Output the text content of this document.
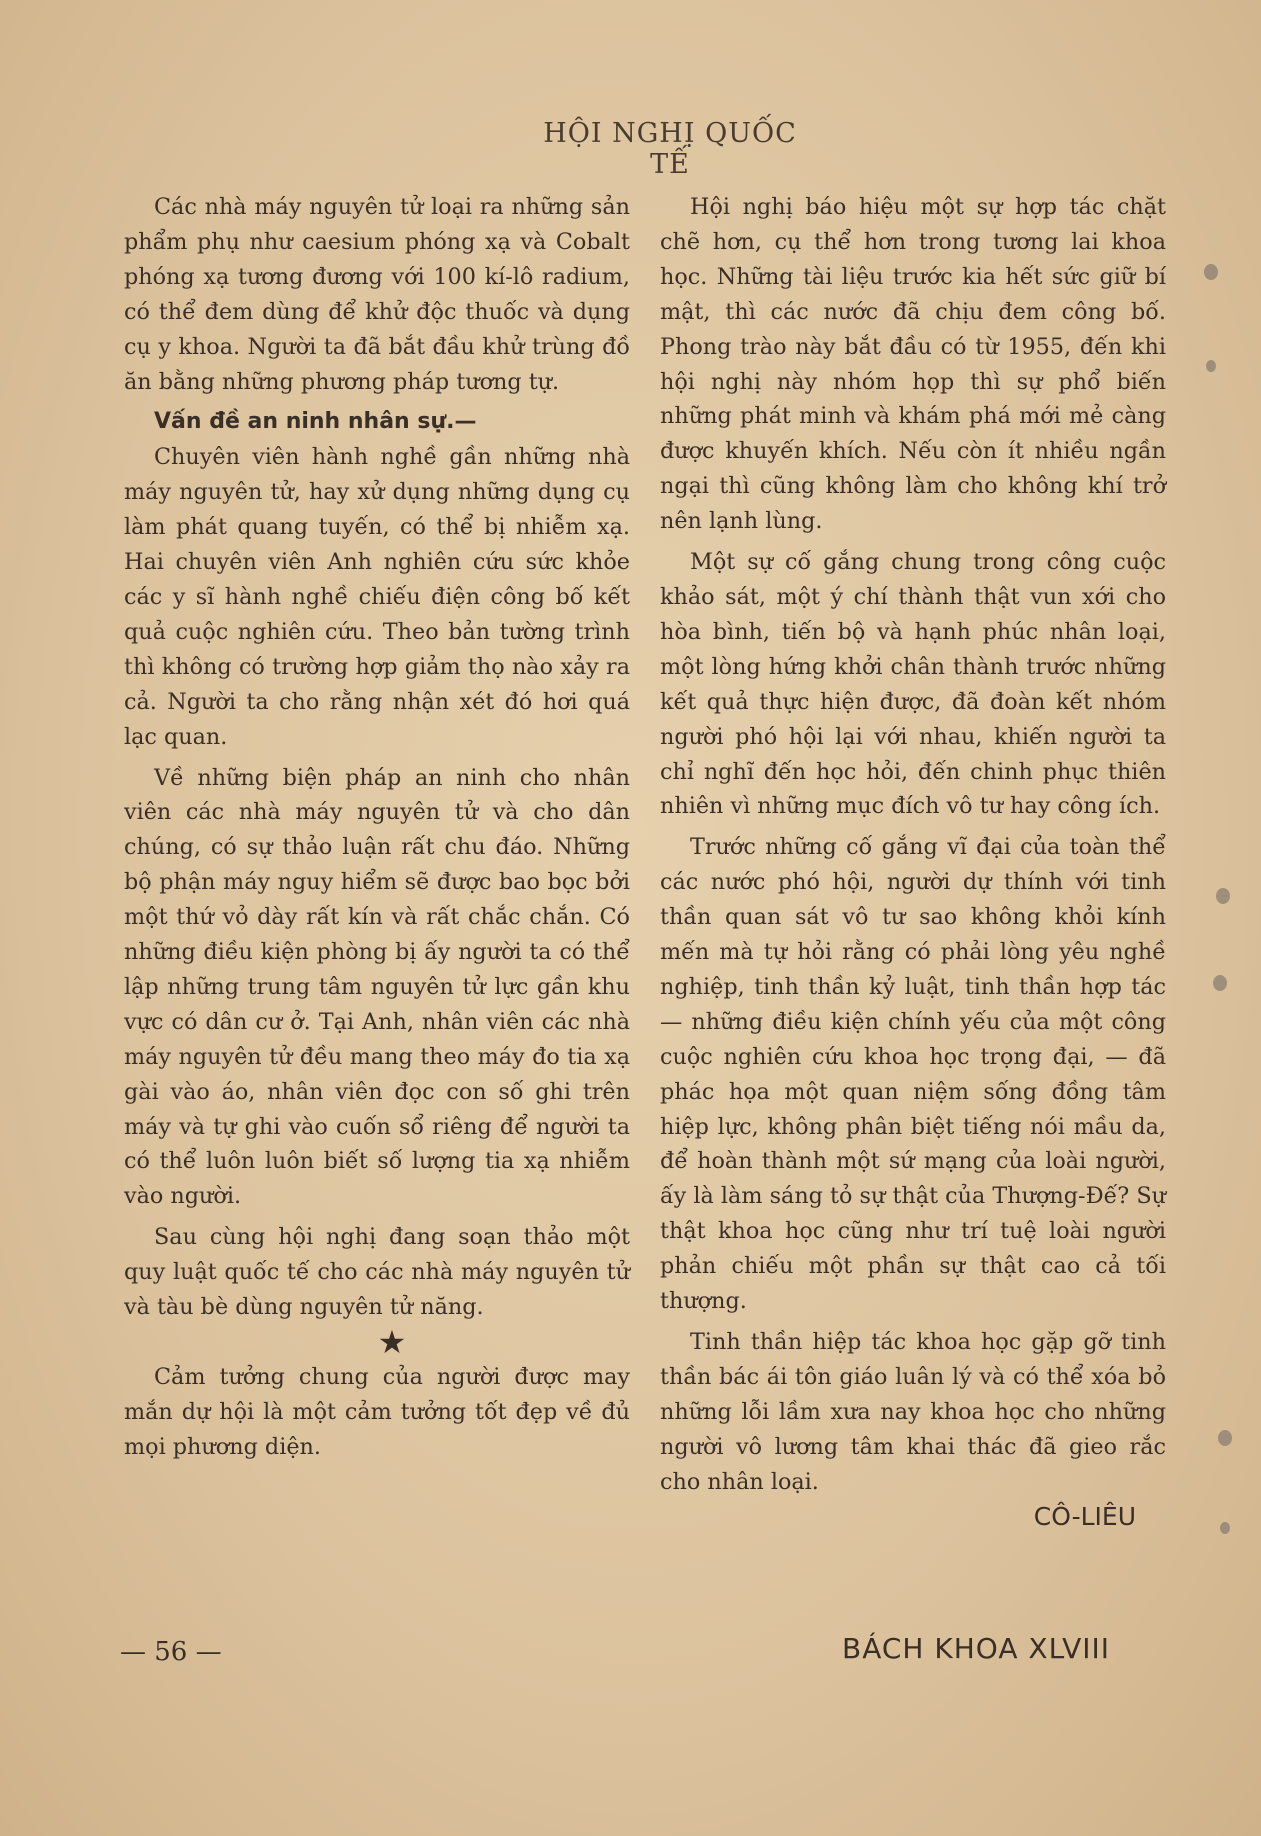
HỘI NGHỊ QUỐC TẾ

Các nhà máy nguyên tử loại ra những sản phẩm phụ như caesium phóng xạ và Cobalt phóng xạ tương đương với 100 kí-lô radium, có thể đem dùng để khử độc thuốc và dụng cụ y khoa. Người ta đã bắt đầu khử trùng đồ ăn bằng những phương pháp tương tự.

Vấn đề an ninh nhân sự.—

Chuyên viên hành nghề gần những nhà máy nguyên tử, hay xử dụng những dụng cụ làm phát quang tuyến, có thể bị nhiễm xạ. Hai chuyên viên Anh nghiên cứu sức khỏe các y sĩ hành nghề chiếu điện công bố kết quả cuộc nghiên cứu. Theo bản tường trình thì không có trường hợp giảm thọ nào xảy ra cả. Người ta cho rằng nhận xét đó hơi quá lạc quan.

Về những biện pháp an ninh cho nhân viên các nhà máy nguyên tử và cho dân chúng, có sự thảo luận rất chu đáo. Những bộ phận máy nguy hiểm sẽ được bao bọc bởi một thứ vỏ dày rất kín và rất chắc chắn. Có những điều kiện phòng bị ấy người ta có thể lập những trung tâm nguyên tử lực gần khu vực có dân cư ở. Tại Anh, nhân viên các nhà máy nguyên tử đều mang theo máy đo tia xạ gài vào áo, nhân viên đọc con số ghi trên máy và tự ghi vào cuốn sổ riêng để người ta có thể luôn luôn biết số lượng tia xạ nhiễm vào người.

Sau cùng hội nghị đang soạn thảo một quy luật quốc tế cho các nhà máy nguyên tử và tàu bè dùng nguyên tử năng.

★

Cảm tưởng chung của người được may mắn dự hội là một cảm tưởng tốt đẹp về đủ mọi phương diện.

Hội nghị báo hiệu một sự hợp tác chặt chẽ hơn, cụ thể hơn trong tương lai khoa học. Những tài liệu trước kia hết sức giữ bí mật, thì các nước đã chịu đem công bố. Phong trào này bắt đầu có từ 1955, đến khi hội nghị này nhóm họp thì sự phổ biến những phát minh và khám phá mới mẻ càng được khuyến khích. Nếu còn ít nhiều ngần ngại thì cũng không làm cho không khí trở nên lạnh lùng.

Một sự cố gắng chung trong công cuộc khảo sát, một ý chí thành thật vun xới cho hòa bình, tiến bộ và hạnh phúc nhân loại, một lòng hứng khởi chân thành trước những kết quả thực hiện được, đã đoàn kết nhóm người phó hội lại với nhau, khiến người ta chỉ nghĩ đến học hỏi, đến chinh phục thiên nhiên vì những mục đích vô tư hay công ích.

Trước những cố gắng vĩ đại của toàn thể các nước phó hội, người dự thính với tinh thần quan sát vô tư sao không khỏi kính mến mà tự hỏi rằng có phải lòng yêu nghề nghiệp, tinh thần kỷ luật, tinh thần hợp tác — những điều kiện chính yếu của một công cuộc nghiên cứu khoa học trọng đại, — đã phác họa một quan niệm sống đồng tâm hiệp lực, không phân biệt tiếng nói mầu da, để hoàn thành một sứ mạng của loài người, ấy là làm sáng tỏ sự thật của Thượng-Đế? Sự thật khoa học cũng như trí tuệ loài người phản chiếu một phần sự thật cao cả tối thượng.

Tinh thần hiệp tác khoa học gặp gỡ tinh thần bác ái tôn giáo luân lý và có thể xóa bỏ những lỗi lầm xưa nay khoa học cho những người vô lương tâm khai thác đã gieo rắc cho nhân loại.

CÔ-LIÊU

— 56 —	BÁCH KHOA XLVIII
